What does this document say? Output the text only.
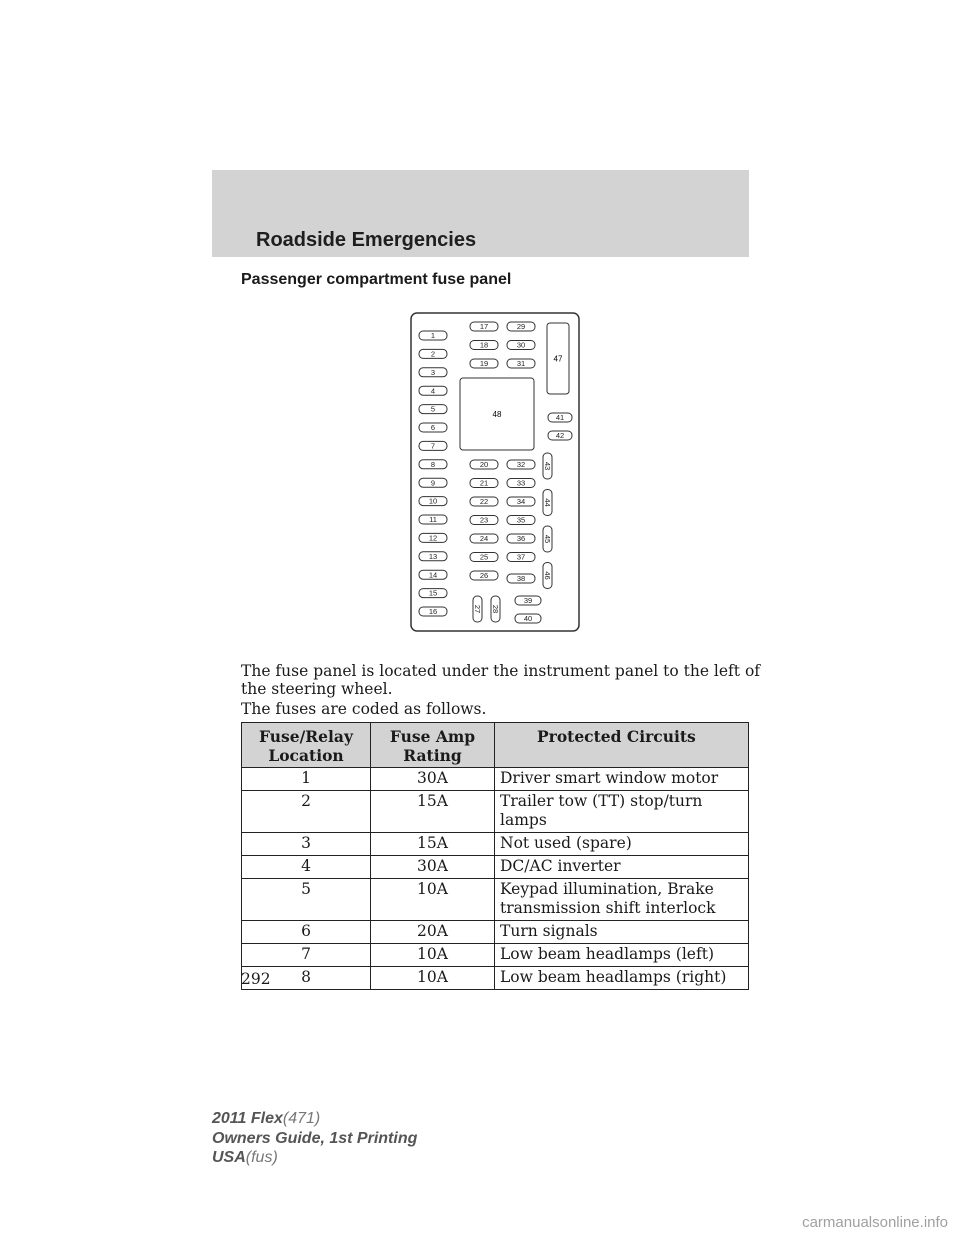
Roadside Emergencies
Passenger compartment fuse panel
1
2
3
4
5
6
7
8
9
10
11
12
13
14
15
16
17
18
19
29
30
31
48
47
41
42
20
21
22
23
24
25
26
32
33
34
35
36
37
38
43
44
45
46
27 28
39
40
The fuse panel is located under the instrument panel to the left of the steering wheel.
The fuses are coded as follows.
Fuse/Relay Location	Fuse Amp Rating	Protected Circuits
1	30A	Driver smart window motor
2	15A	Trailer tow (TT) stop/turn lamps
3	15A	Not used (spare)
4	30A	DC/AC inverter
5	10A	Keypad illumination, Brake transmission shift interlock
6	20A	Turn signals
7	10A	Low beam headlamps (left)
8	10A	Low beam headlamps (right)
292
2011 Flex(471)
Owners Guide, 1st Printing
USA(fus)
carmanualsonline.info
